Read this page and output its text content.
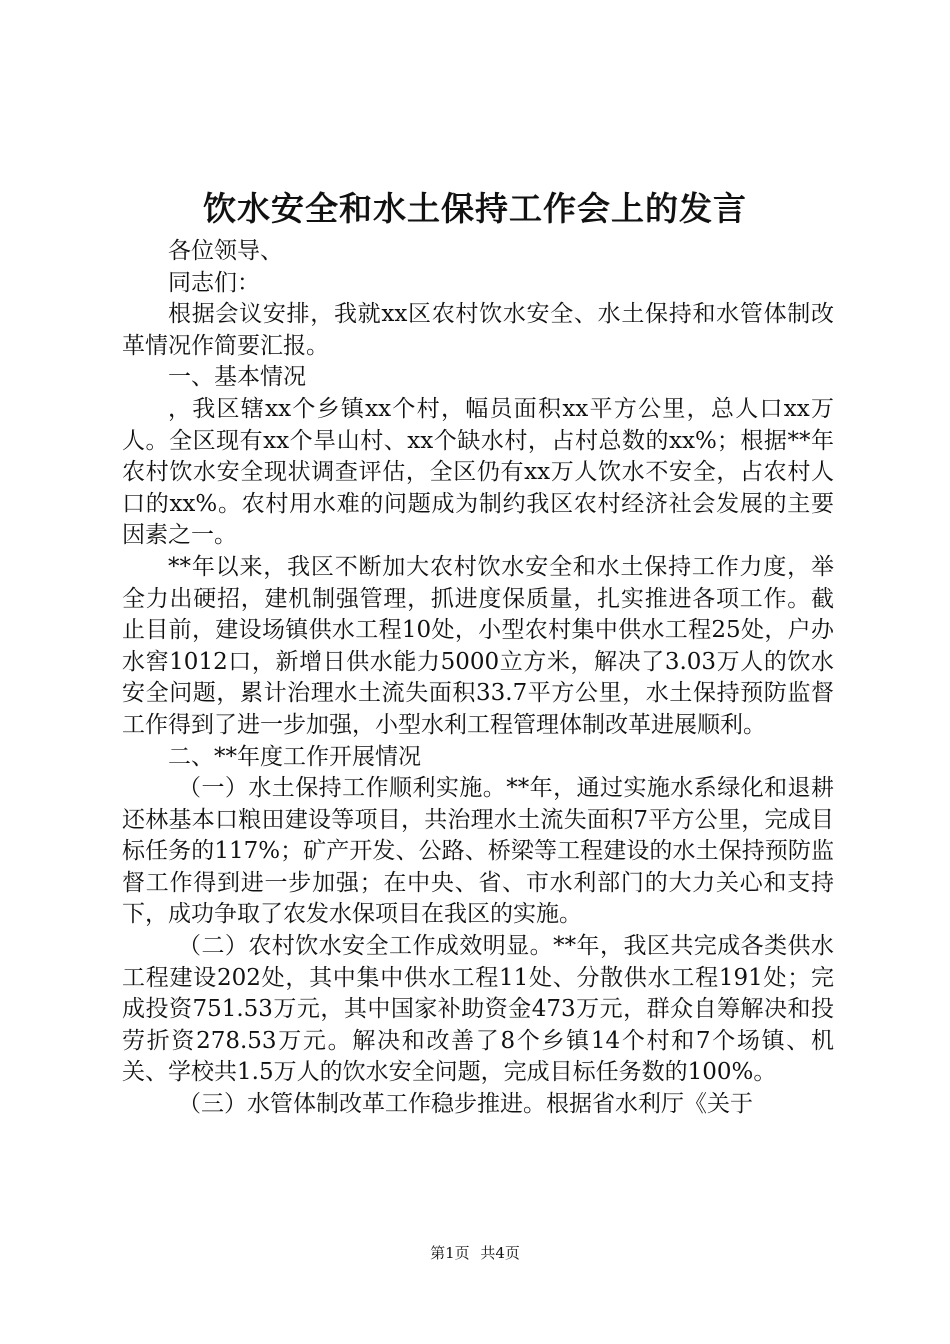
饮水安全和水土保持工作会上的发言

各位领导、

同志们：

根据会议安排，我就xx区农村饮水安全、水土保持和水管体制改革情况作简要汇报。

一、基本情况

，我区辖xx个乡镇xx个村，幅员面积xx平方公里，总人口xx万人。全区现有xx个旱山村、xx个缺水村，占村总数的xx%；根据**年农村饮水安全现状调查评估，全区仍有xx万人饮水不安全，占农村人口的xx%。农村用水难的问题成为制约我区农村经济社会发展的主要因素之一。

**年以来，我区不断加大农村饮水安全和水土保持工作力度，举全力出硬招，建机制强管理，抓进度保质量，扎实推进各项工作。截止目前，建设场镇供水工程10处，小型农村集中供水工程25处，户办水窖1012口，新增日供水能力5000立方米，解决了3.03万人的饮水安全问题，累计治理水土流失面积33.7平方公里，水土保持预防监督工作得到了进一步加强，小型水利工程管理体制改革进展顺利。

二、**年度工作开展情况

（一）水土保持工作顺利实施。**年，通过实施水系绿化和退耕还林基本口粮田建设等项目，共治理水土流失面积7平方公里，完成目标任务的117%；矿产开发、公路、桥梁等工程建设的水土保持预防监督工作得到进一步加强；在中央、省、市水利部门的大力关心和支持下，成功争取了农发水保项目在我区的实施。

（二）农村饮水安全工作成效明显。**年，我区共完成各类供水工程建设202处，其中集中供水工程11处、分散供水工程191处；完成投资751.53万元，其中国家补助资金473万元，群众自筹解决和投劳折资278.53万元。解决和改善了8个乡镇14个村和7个场镇、机关、学校共1.5万人的饮水安全问题，完成目标任务数的100%。

（三）水管体制改革工作稳步推进。根据省水利厅《关于

第1页 共4页
